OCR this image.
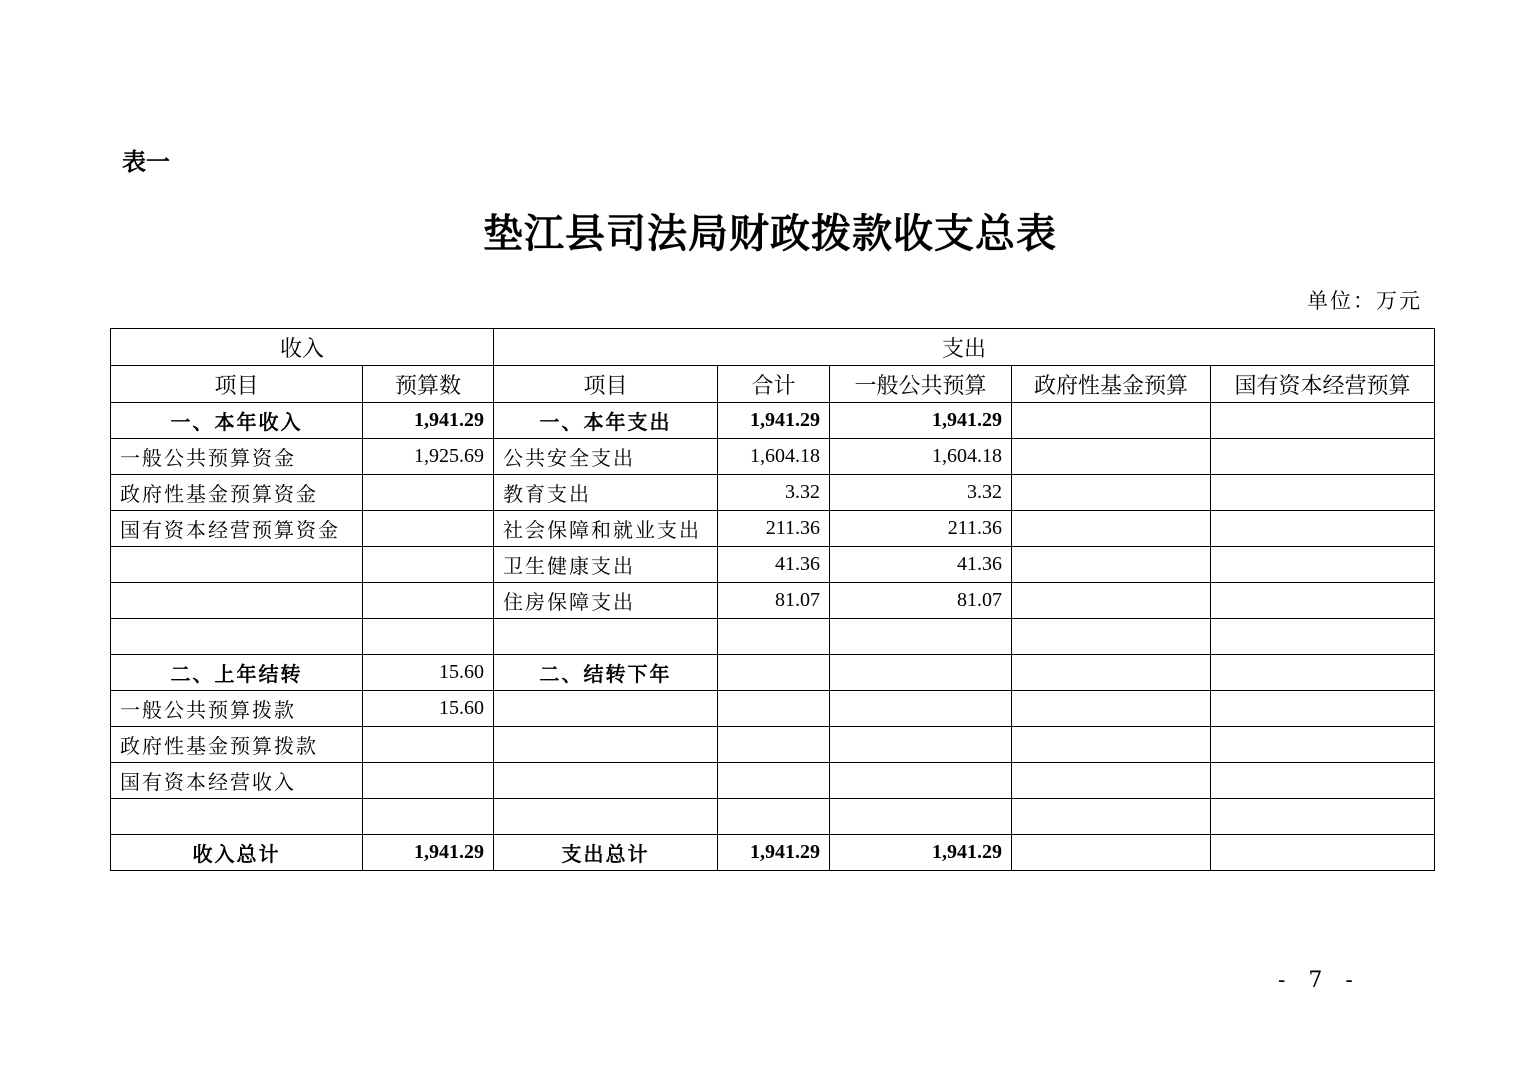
表一
垫江县司法局财政拨款收支总表
单位：万元
收入		支出				
项目	预算数	项目	合计	一般公共预算	政府性基金预算	国有资本经营预算
一、本年收入	1,941.29	一、本年支出	1,941.29	1,941.29		
一般公共预算资金	1,925.69	公共安全支出	1,604.18	1,604.18		
政府性基金预算资金		教育支出	3.32	3.32		
国有资本经营预算资金		社会保障和就业支出	211.36	211.36		
		卫生健康支出	41.36	41.36		
		住房保障支出	81.07	81.07		

二、上年结转	15.60	二、结转下年				
一般公共预算拨款	15.60					
政府性基金预算拨款						
国有资本经营收入						

收入总计	1,941.29	支出总计	1,941.29	1,941.29		
- 7 -
